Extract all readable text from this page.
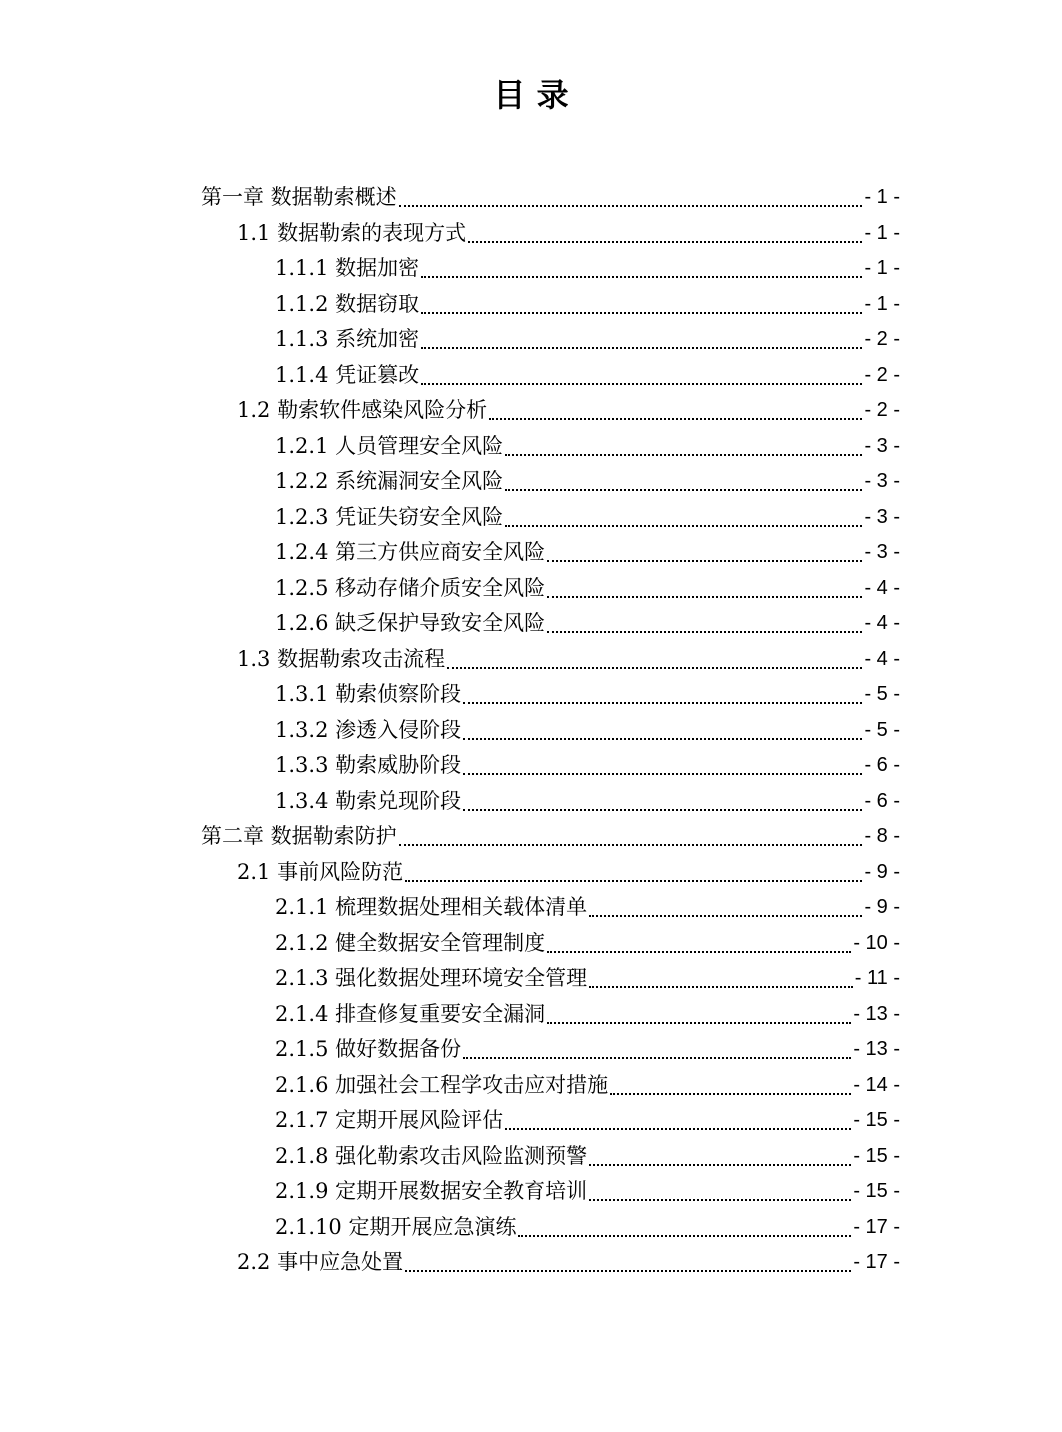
目 录
第一章 数据勒索概述	- 1 -
1.1 数据勒索的表现方式	- 1 -
1.1.1 数据加密	- 1 -
1.1.2 数据窃取	- 1 -
1.1.3 系统加密	- 2 -
1.1.4 凭证篡改	- 2 -
1.2 勒索软件感染风险分析	- 2 -
1.2.1 人员管理安全风险	- 3 -
1.2.2 系统漏洞安全风险	- 3 -
1.2.3 凭证失窃安全风险	- 3 -
1.2.4 第三方供应商安全风险	- 3 -
1.2.5 移动存储介质安全风险	- 4 -
1.2.6 缺乏保护导致安全风险	- 4 -
1.3 数据勒索攻击流程	- 4 -
1.3.1 勒索侦察阶段	- 5 -
1.3.2 渗透入侵阶段	- 5 -
1.3.3 勒索威胁阶段	- 6 -
1.3.4 勒索兑现阶段	- 6 -
第二章 数据勒索防护	- 8 -
2.1 事前风险防范	- 9 -
2.1.1 梳理数据处理相关载体清单	- 9 -
2.1.2 健全数据安全管理制度	- 10 -
2.1.3 强化数据处理环境安全管理	- 11 -
2.1.4 排查修复重要安全漏洞	- 13 -
2.1.5 做好数据备份	- 13 -
2.1.6 加强社会工程学攻击应对措施	- 14 -
2.1.7 定期开展风险评估	- 15 -
2.1.8 强化勒索攻击风险监测预警	- 15 -
2.1.9 定期开展数据安全教育培训	- 15 -
2.1.10 定期开展应急演练	- 17 -
2.2 事中应急处置	- 17 -
